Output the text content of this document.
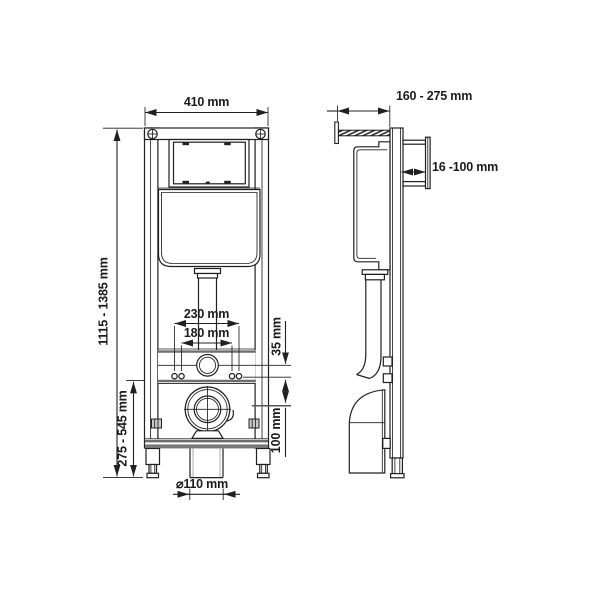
410 mm	160 - 275 mm
16 -100 mm
1115 - 1385 mm	230 mm
180 mm	35 mm
275 - 545 mm	100 mm
⌀110 mm
